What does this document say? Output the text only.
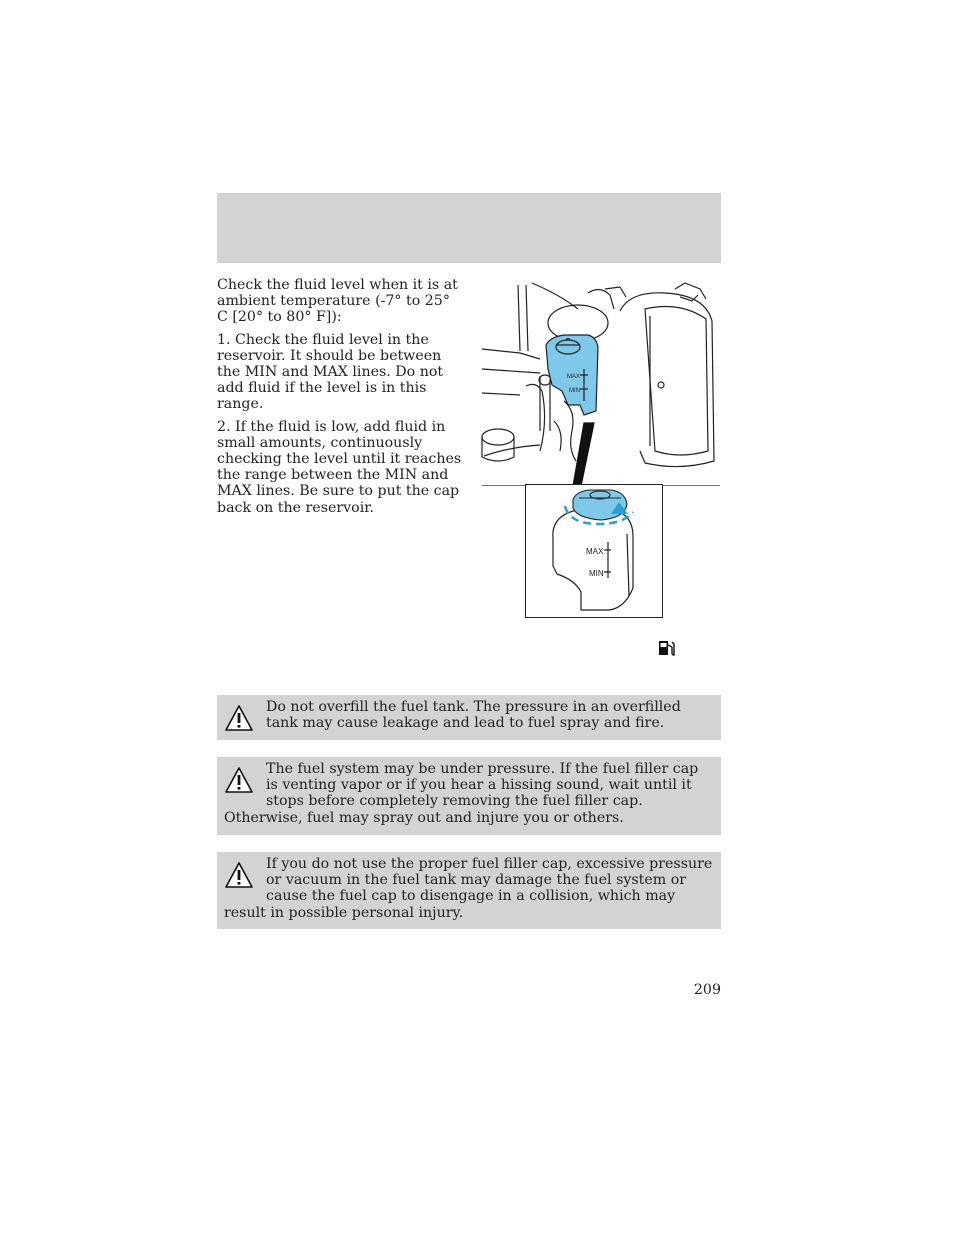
Check the fluid level when it is at ambient temperature (-7° to 25° C [20° to 80° F]):

1. Check the fluid level in the reservoir. It should be between the MIN and MAX lines. Do not add fluid if the level is in this range.

2. If the fluid is low, add fluid in small amounts, continuously checking the level until it reaches the range between the MIN and MAX lines. Be sure to put the cap back on the reservoir.

MAX
MIN
MAX
MIN
Do not overfill the fuel tank. The pressure in an overfilled tank may cause leakage and lead to fuel spray and fire.
The fuel system may be under pressure. If the fuel filler cap is venting vapor or if you hear a hissing sound, wait until it stops before completely removing the fuel filler cap. Otherwise, fuel may spray out and injure you or others.
If you do not use the proper fuel filler cap, excessive pressure or vacuum in the fuel tank may damage the fuel system or cause the fuel cap to disengage in a collision, which may result in possible personal injury.
209
